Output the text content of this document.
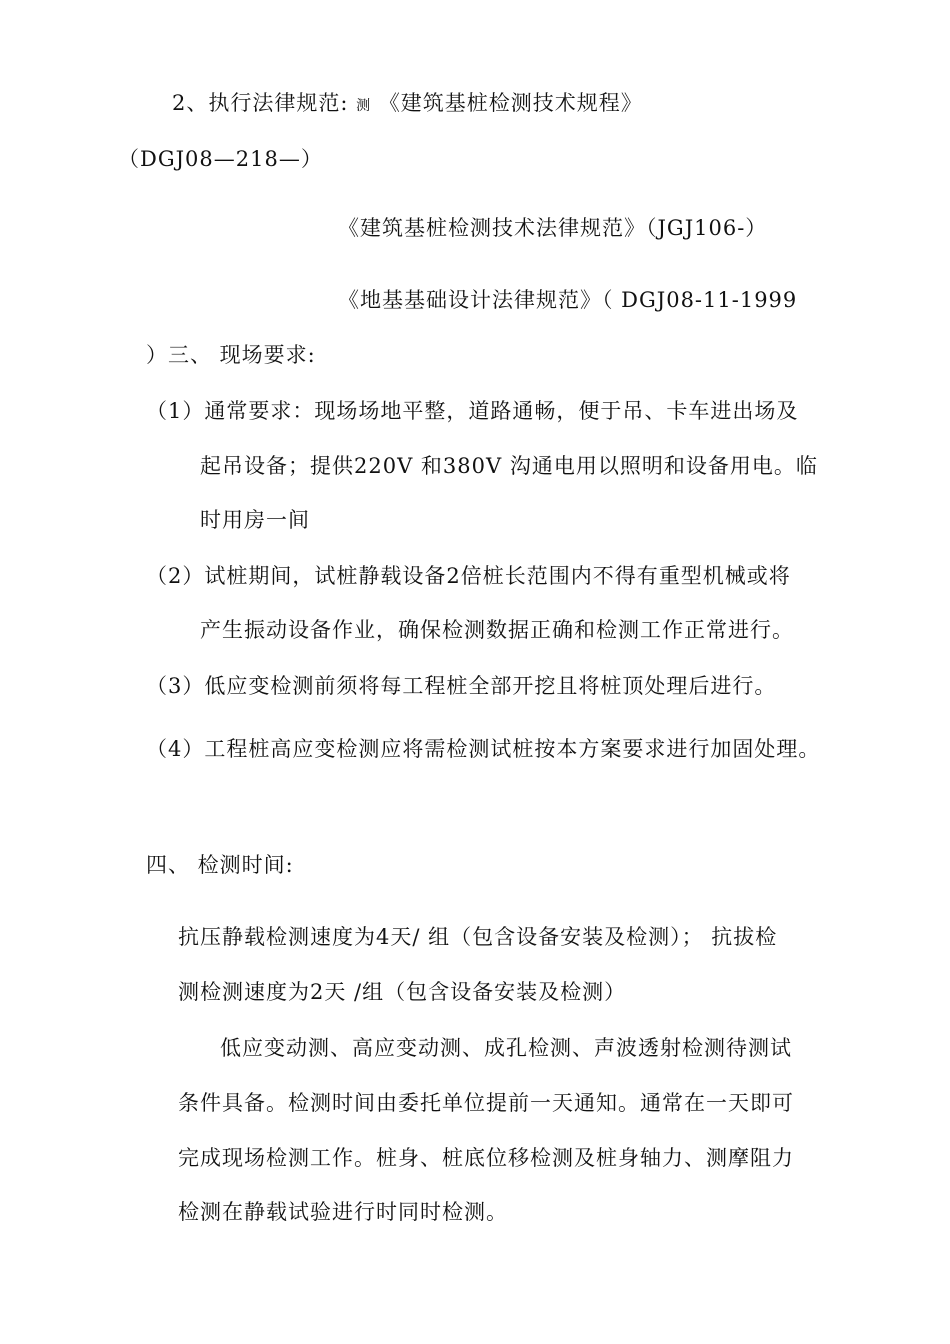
2、执行法律规范: 测 《建筑基桩检测技术规程》
（DGJ08—218—）
《建筑基桩检测技术法律规范》（JGJ106-）
《地基基础设计法律规范》（ DGJ08-11-1999
）三、 现场要求:
（1）通常要求：现场场地平整，道路通畅，便于吊、卡车进出场及
起吊设备；提供220V 和380V 沟通电用以照明和设备用电。临
时用房一间
（2）试桩期间，试桩静载设备2倍桩长范围内不得有重型机械或将
产生振动设备作业，确保检测数据正确和检测工作正常进行。
（3）低应变检测前须将每工程桩全部开挖且将桩顶处理后进行。
（4）工程桩高应变检测应将需检测试桩按本方案要求进行加固处理。
四、 检测时间:
抗压静载检测速度为4天/ 组（包含设备安装及检测）； 抗拔检
测检测速度为2天 /组（包含设备安装及检测）
低应变动测、高应变动测、成孔检测、声波透射检测待测试
条件具备。检测时间由委托单位提前一天通知。通常在一天即可
完成现场检测工作。桩身、桩底位移检测及桩身轴力、测摩阻力
检测在静载试验进行时同时检测。
